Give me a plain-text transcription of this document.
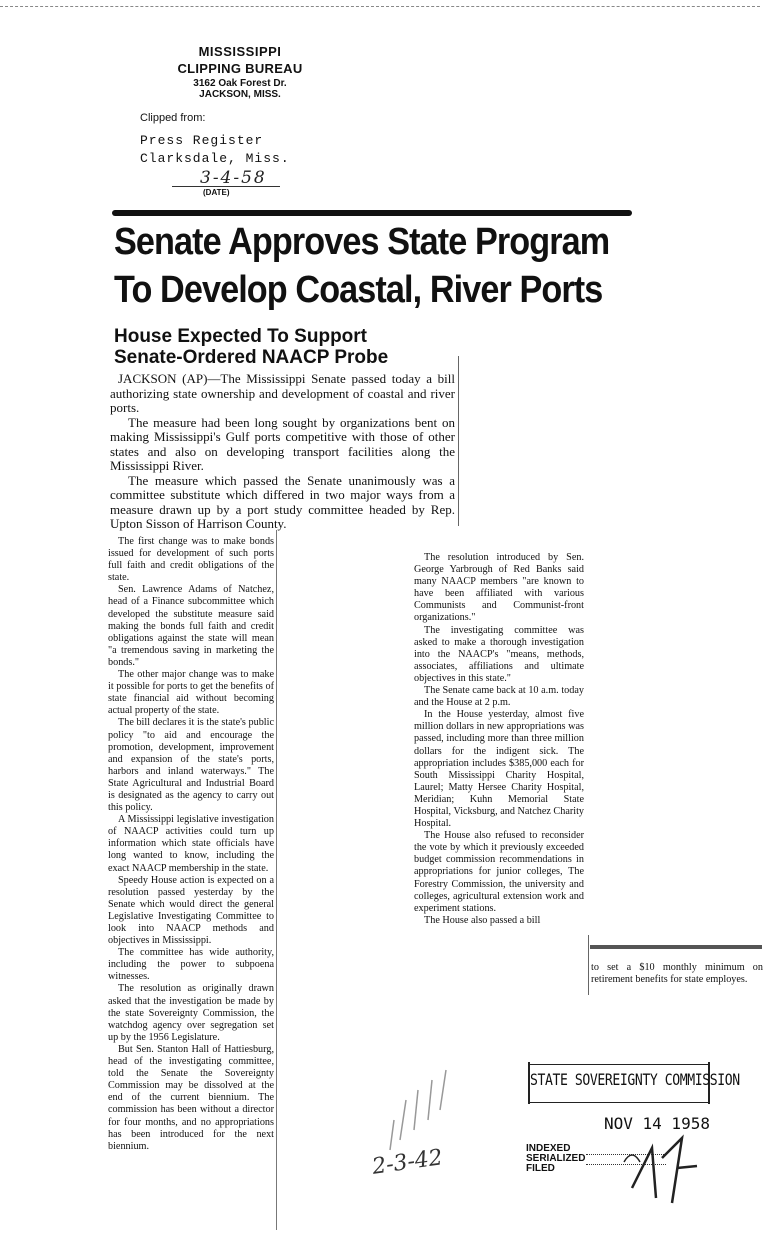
MISSISSIPPI
CLIPPING BUREAU
3162 Oak Forest Dr.
JACKSON, MISS.
Clipped from:
Press Register
Clarksdale, Miss.
3-4-58
(DATE)
Senate Approves State Program
To Develop Coastal, River Ports
House Expected To Support
Senate-Ordered NAACP Probe

JACKSON (AP)—The Mississippi Senate passed today a bill authorizing state ownership and development of coastal and river ports.

The measure had been long sought by organizations bent on making Mississippi's Gulf ports competitive with those of other states and also on developing transport facilities along the Mississippi River.

The measure which passed the Senate unanimously was a committee substitute which differed in two major ways from a measure drawn up by a port study committee headed by Rep. Upton Sisson of Harrison County.

The first change was to make bonds issued for development of such ports full faith and credit obligations of the state.

Sen. Lawrence Adams of Natchez, head of a Finance subcommittee which developed the substitute measure said making the bonds full faith and credit obligations against the state will mean "a tremendous saving in marketing the bonds."

The other major change was to make it possible for ports to get the benefits of state financial aid without becoming actual property of the state.

The bill declares it is the state's public policy "to aid and encourage the promotion, development, improvement and expansion of the state's ports, harbors and inland waterways." The State Agricultural and Industrial Board is designated as the agency to carry out this policy.

A Mississippi legislative investigation of NAACP activities could turn up information which state officials have long wanted to know, including the exact NAACP membership in the state.

Speedy House action is expected on a resolution passed yesterday by the Senate which would direct the general Legislative Investigating Committee to look into NAACP methods and objectives in Mississippi.

The committee has wide authority, including the power to subpoena witnesses.

The resolution as originally drawn asked that the investigation be made by the state Sovereignty Commission, the watchdog agency over segregation set up by the 1956 Legislature.

But Sen. Stanton Hall of Hattiesburg, head of the investigating committee, told the Senate the Sovereignty Commission may be dissolved at the end of the current biennium. The commission has been without a director for four months, and no appropriations has been introduced for the next biennium.

The resolution introduced by Sen. George Yarbrough of Red Banks said many NAACP members "are known to have been affiliated with various Communists and Communist-front organizations."

The investigating committee was asked to make a thorough investigation into the NAACP's "means, methods, associates, affiliations and ultimate objectives in this state."

The Senate came back at 10 a.m. today and the House at 2 p.m.

In the House yesterday, almost five million dollars in new appropriations was passed, including more than three million dollars for the indigent sick. The appropriation includes $385,000 each for South Mississippi Charity Hospital, Laurel; Matty Hersee Charity Hospital, Meridian; Kuhn Memorial State Hospital, Vicksburg, and Natchez Charity Hospital.

The House also refused to reconsider the vote by which it previously exceeded budget commission recommendations in appropriations for junior colleges, The Forestry Commission, the university and colleges, agricultural extension work and experiment stations.

The House also passed a bill

to set a $10 monthly minimum on retirement benefits for state employes.
STATE SOVEREIGNTY COMMISSION
NOV 14 1958
INDEXED
SERIALIZED
FILED
2-3-42
